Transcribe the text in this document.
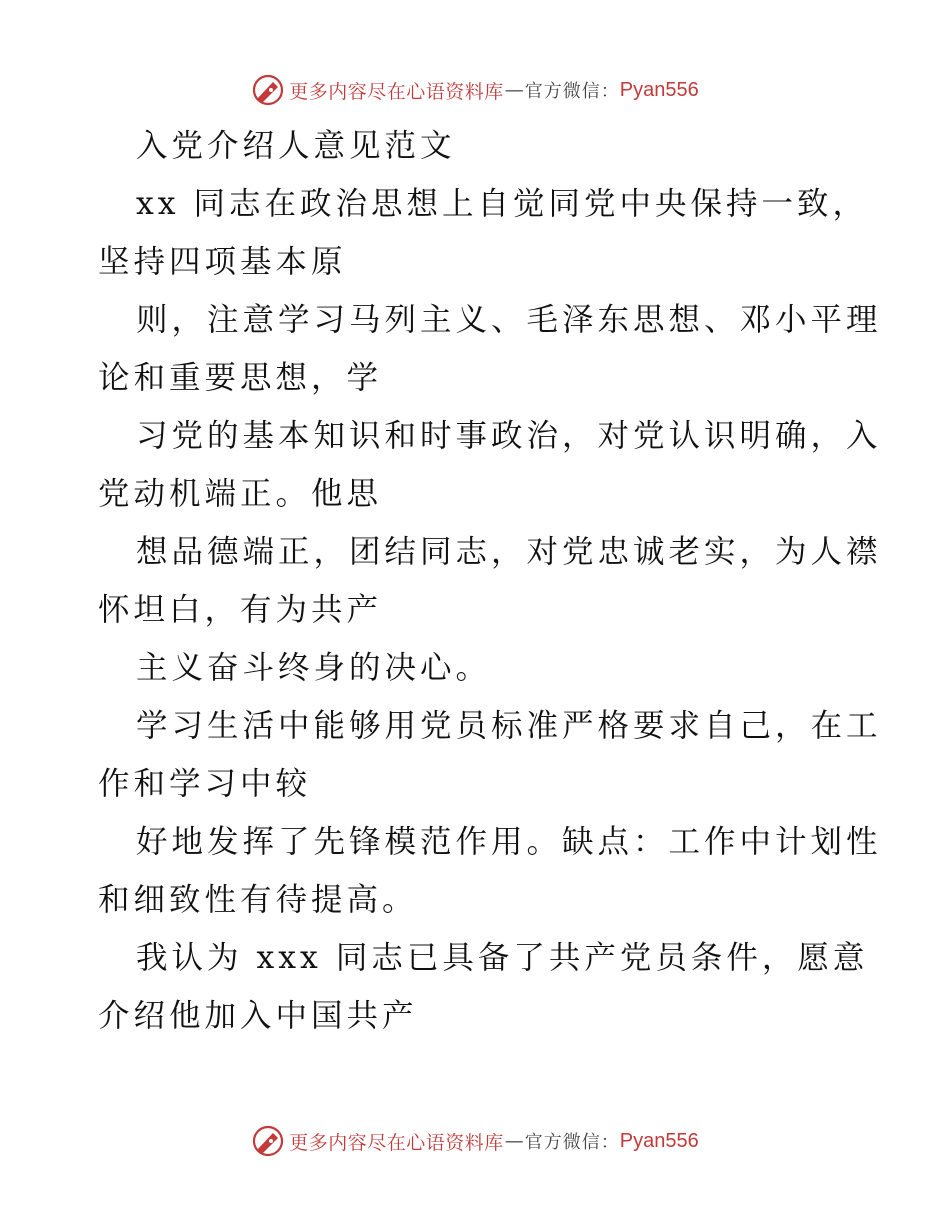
更多内容尽在心语资料库 — 官方微信： Pyan556
入党介绍人意见范文
xx 同志在政治思想上自觉同党中央保持一致，
坚持四项基本原
则，注意学习马列主义、毛泽东思想、邓小平理
论和重要思想，学
习党的基本知识和时事政治，对党认识明确，入
党动机端正。他思
想品德端正，团结同志，对党忠诚老实，为人襟
怀坦白，有为共产
主义奋斗终身的决心。
学习生活中能够用党员标准严格要求自己，在工
作和学习中较
好地发挥了先锋模范作用。缺点：工作中计划性
和细致性有待提高。
我认为 xxx 同志已具备了共产党员条件，愿意
介绍他加入中国共产
更多内容尽在心语资料库 — 官方微信： Pyan556
